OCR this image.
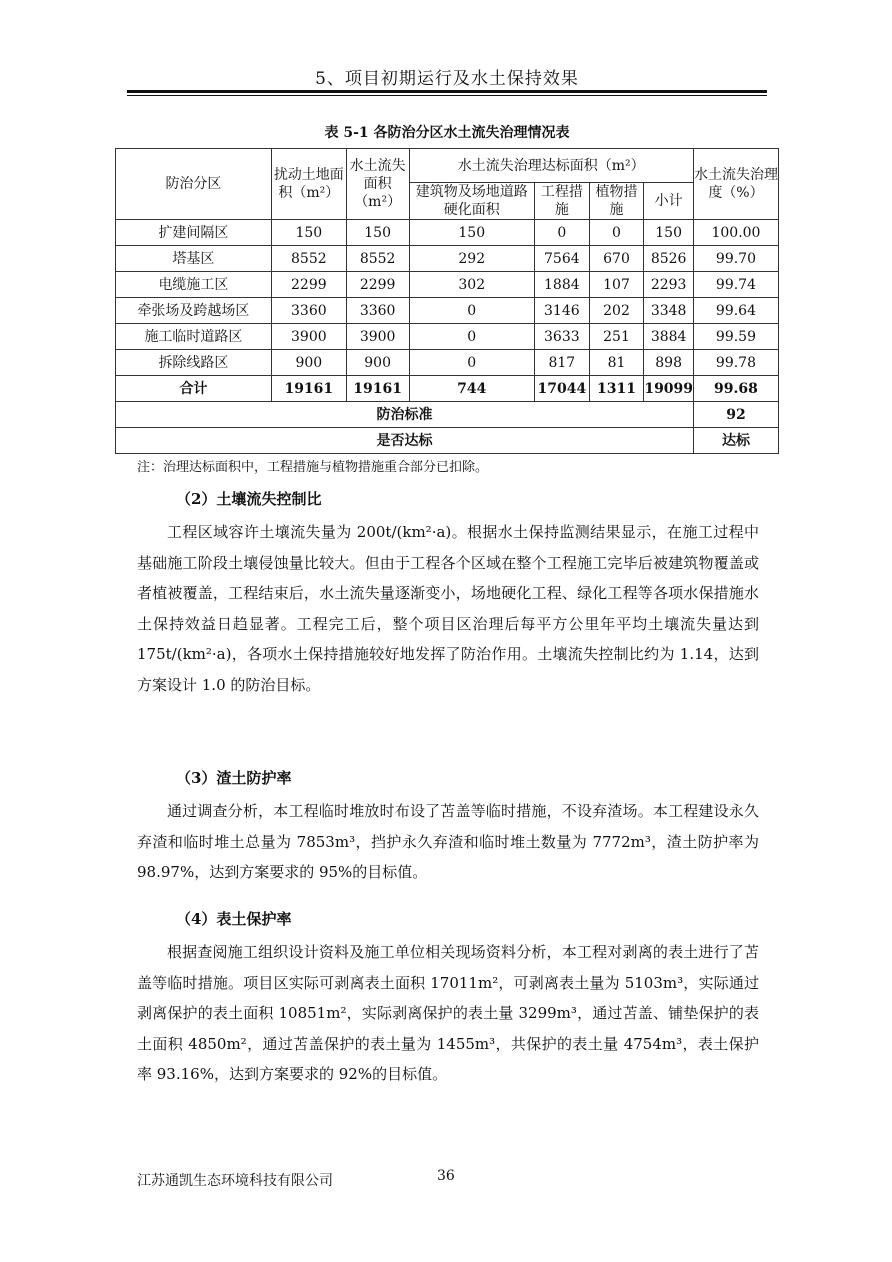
5、项目初期运行及水土保持效果
表 5-1 各防治分区水土流失治理情况表
防治分区	扰动土地面积（m²）	水土流失面积（m²）	水土流失治理达标面积（m²）				水土流失治理度（%）
			建筑物及场地道路硬化面积	工程措施	植物措施	小计	
扩建间隔区	150	150	150	0	0	150	100.00
塔基区	8552	8552	292	7564	670	8526	99.70
电缆施工区	2299	2299	302	1884	107	2293	99.74
牵张场及跨越场区	3360	3360	0	3146	202	3348	99.64
施工临时道路区	3900	3900	0	3633	251	3884	99.59
拆除线路区	900	900	0	817	81	898	99.78
合计	19161	19161	744	17044	1311	19099	99.68
防治标准							92
是否达标							达标
注：治理达标面积中，工程措施与植物措施重合部分已扣除。
（2）土壤流失控制比

工程区域容许土壤流失量为 200t/(km²·a)。根据水土保持监测结果显示，在施工过程中基础施工阶段土壤侵蚀量比较大。但由于工程各个区域在整个工程施工完毕后被建筑物覆盖或者植被覆盖，工程结束后，水土流失量逐渐变小，场地硬化工程、绿化工程等各项水保措施水土保持效益日趋显著。工程完工后，整个项目区治理后每平方公里年平均土壤流失量达到 175t/(km²·a)，各项水土保持措施较好地发挥了防治作用。土壤流失控制比约为 1.14，达到方案设计 1.0 的防治目标。

（3）渣土防护率

通过调查分析，本工程临时堆放时布设了苫盖等临时措施，不设弃渣场。本工程建设永久弃渣和临时堆土总量为 7853m³，挡护永久弃渣和临时堆土数量为 7772m³，渣土防护率为 98.97%，达到方案要求的 95%的目标值。

（4）表土保护率

根据查阅施工组织设计资料及施工单位相关现场资料分析，本工程对剥离的表土进行了苫盖等临时措施。项目区实际可剥离表土面积 17011m²，可剥离表土量为 5103m³，实际通过剥离保护的表土面积 10851m²，实际剥离保护的表土量 3299m³，通过苫盖、铺垫保护的表土面积 4850m²，通过苫盖保护的表土量为 1455m³，共保护的表土量 4754m³，表土保护率 93.16%，达到方案要求的 92%的目标值。

江苏通凯生态环境科技有限公司	36
